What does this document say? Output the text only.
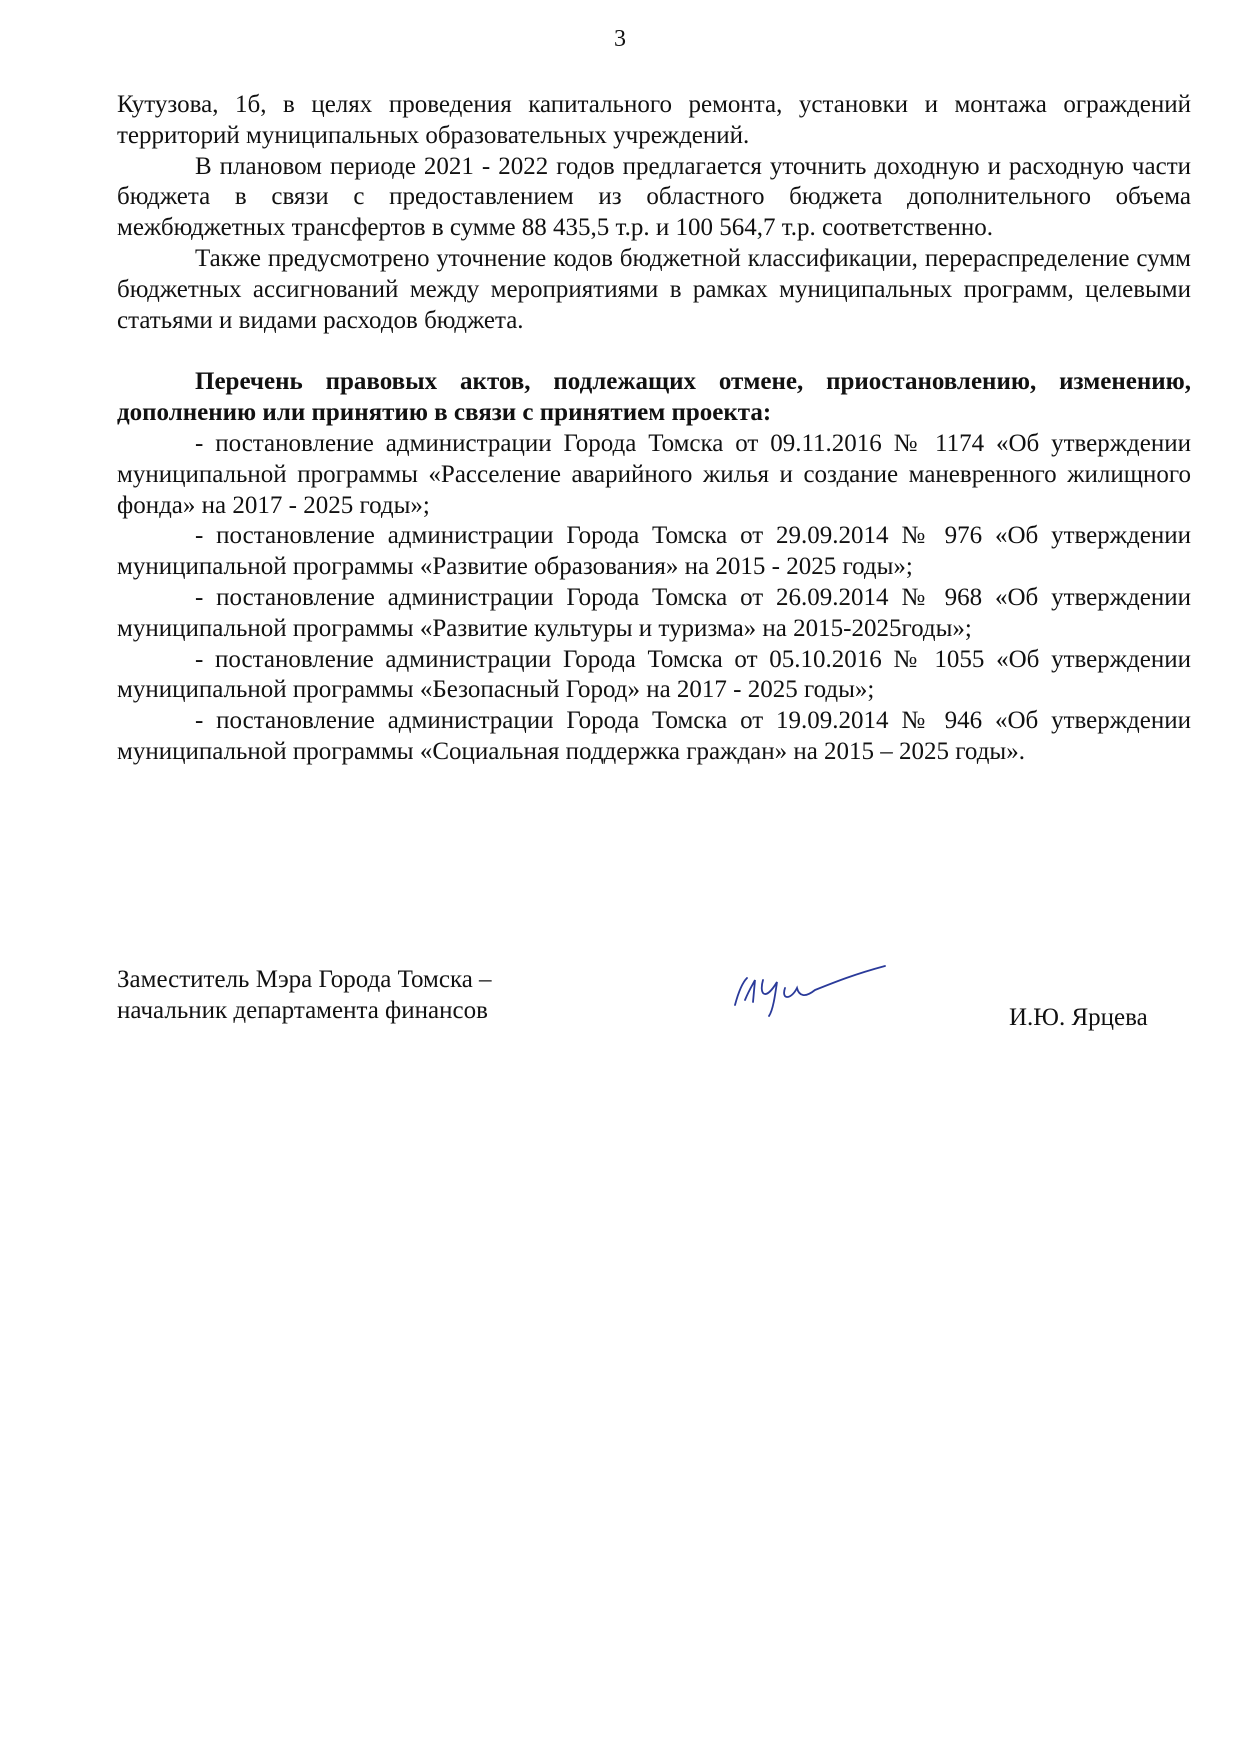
3

Кутузова, 1б, в целях проведения капитального ремонта, установки и монтажа ограждений территорий муниципальных образовательных учреждений.

В плановом периоде 2021 - 2022 годов предлагается уточнить доходную и расходную части бюджета в связи с предоставлением из областного бюджета дополнительного объема межбюджетных трансфертов в сумме 88 435,5 т.р. и 100 564,7 т.р. соответственно.

Также предусмотрено уточнение кодов бюджетной классификации, перераспределение сумм бюджетных ассигнований между мероприятиями в рамках муниципальных программ, целевыми статьями и видами расходов бюджета.

Перечень правовых актов, подлежащих отмене, приостановлению, изменению, дополнению или принятию в связи с принятием проекта:

- постановление администрации Города Томска от 09.11.2016 № 1174 «Об утверждении муниципальной программы «Расселение аварийного жилья и создание маневренного жилищного фонда» на 2017 - 2025 годы»;

- постановление администрации Города Томска от 29.09.2014 № 976 «Об утверждении муниципальной программы «Развитие образования» на 2015 - 2025 годы»;

- постановление администрации Города Томска от 26.09.2014 № 968 «Об утверждении муниципальной программы «Развитие культуры и туризма» на 2015-2025годы»;

- постановление администрации Города Томска от 05.10.2016 № 1055 «Об утверждении муниципальной программы «Безопасный Город» на 2017 - 2025 годы»;

- постановление администрации Города Томска от 19.09.2014 № 946 «Об утверждении муниципальной программы «Социальная поддержка граждан» на 2015 – 2025 годы».

Заместитель Мэра Города Томска –
начальник департамента финансов	И.Ю. Ярцева
